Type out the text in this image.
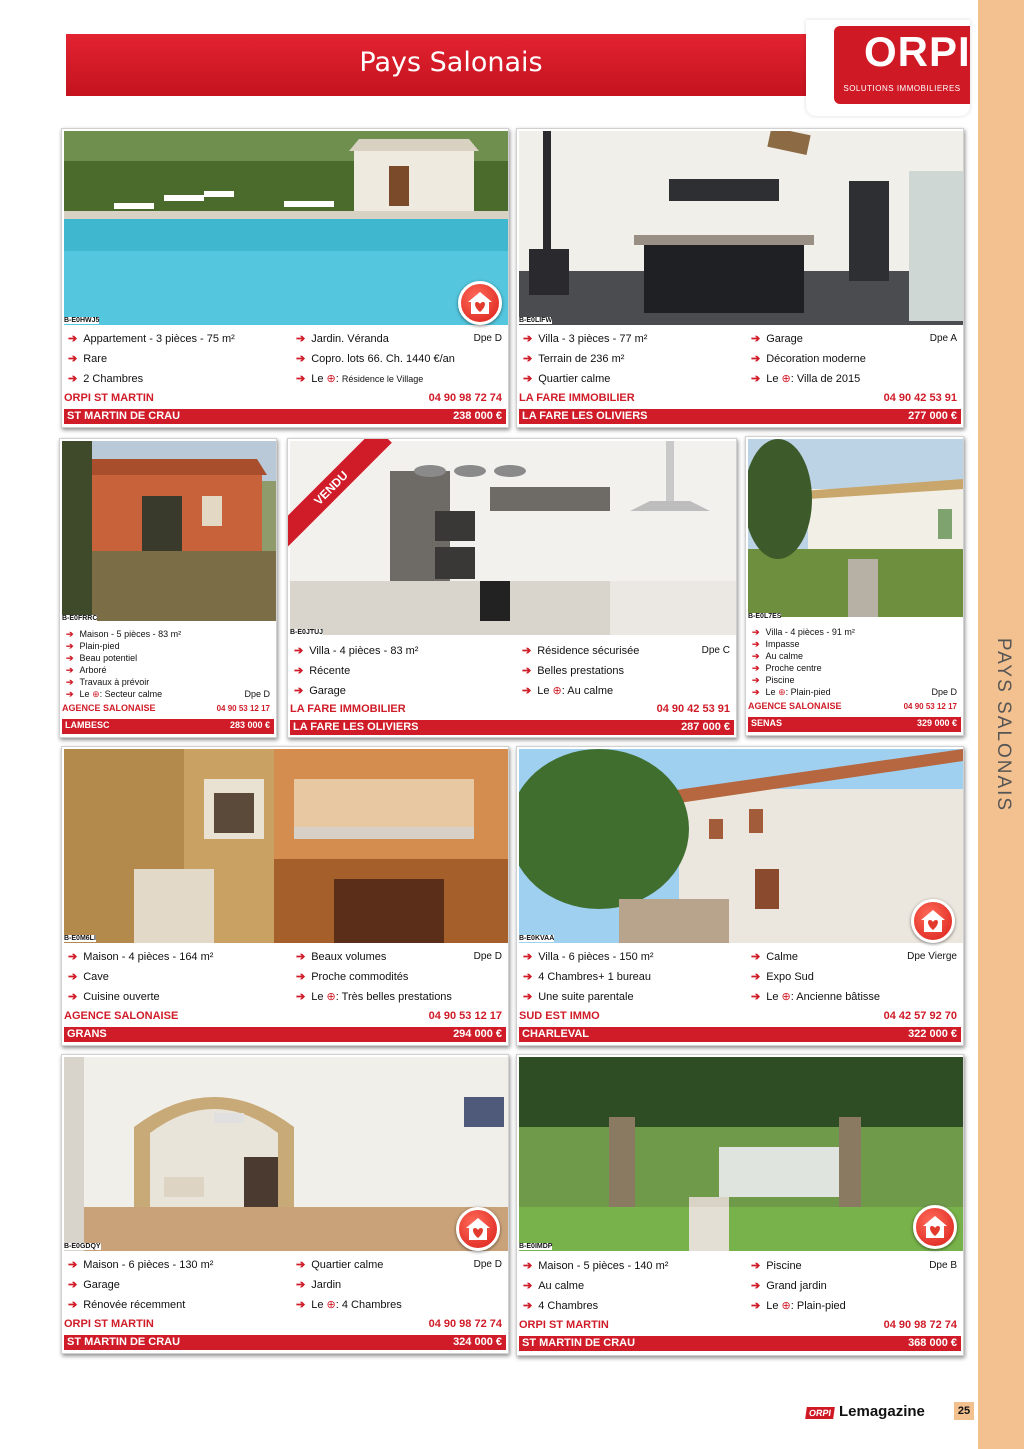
PAYS SALONAIS
Pays Salonais	ORPI
SOLUTIONS IMMOBILIERES
B-E0HWJ5
➔ Appartement - 3 pièces - 75 m²
➔ Rare
➔ 2 Chambres
➔ Jardin. Véranda
➔ Copro. lots 66. Ch. 1440 €/an
➔ Le ⊕: Résidence le Village
Dpe D
ORPI ST MARTIN	04 90 98 72 74
ST MARTIN DE CRAU	238 000 €
B-E0LIFW
➔ Villa - 3 pièces - 77 m²
➔ Terrain de 236 m²
➔ Quartier calme
➔ Garage
➔ Décoration moderne
➔ Le ⊕: Villa de 2015
Dpe A
LA FARE IMMOBILIER	04 90 42 53 91
LA FARE LES OLIVIERS	277 000 €
B-E0FRRC
➔ Maison - 5 pièces - 83 m²
➔ Plain-pied
➔ Beau potentiel
➔ Arboré
➔ Travaux à prévoir
➔ Le ⊕: Secteur calme	Dpe D
AGENCE SALONAISE	04 90 53 12 17
LAMBESC	283 000 €
VENDU
B-E0JTUJ
➔ Villa - 4 pièces - 83 m²
➔ Récente
➔ Garage
➔ Résidence sécurisée
➔ Belles prestations
➔ Le ⊕: Au calme
Dpe C
LA FARE IMMOBILIER	04 90 42 53 91
LA FARE LES OLIVIERS	287 000 €
B-E0L7ES
➔ Villa - 4 pièces - 91 m²
➔ Impasse
➔ Au calme
➔ Proche centre
➔ Piscine
➔ Le ⊕: Plain-pied	Dpe D
AGENCE SALONAISE	04 90 53 12 17
SENAS	329 000 €
B-E0M6LI
➔ Maison - 4 pièces - 164 m²
➔ Cave
➔ Cuisine ouverte
➔ Beaux volumes
➔ Proche commodités
➔ Le ⊕: Très belles prestations
Dpe D
AGENCE SALONAISE	04 90 53 12 17
GRANS	294 000 €
B-E0KVAA
➔ Villa - 6 pièces - 150 m²
➔ 4 Chambres+ 1 bureau
➔ Une suite parentale
➔ Calme
➔ Expo Sud
➔ Le ⊕: Ancienne bâtisse
Dpe Vierge
SUD EST IMMO	04 42 57 92 70
CHARLEVAL	322 000 €
B-E0GDQY
➔ Maison - 6 pièces - 130 m²
➔ Garage
➔ Rénovée récemment
➔ Quartier calme
➔ Jardin
➔ Le ⊕: 4 Chambres
Dpe D
ORPI ST MARTIN	04 90 98 72 74
ST MARTIN DE CRAU	324 000 €
B-E0IMDP
➔ Maison - 5 pièces - 140 m²
➔ Au calme
➔ 4 Chambres
➔ Piscine
➔ Grand jardin
➔ Le ⊕: Plain-pied
Dpe B
ORPI ST MARTIN	04 90 98 72 74
ST MARTIN DE CRAU	368 000 €
ORPI Lemagazine	25
